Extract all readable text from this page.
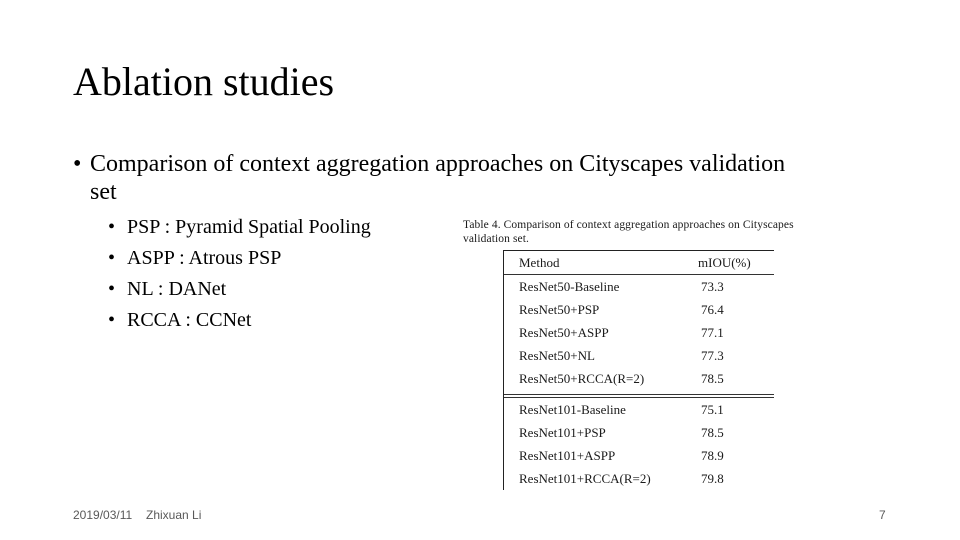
Ablation studies
• Comparison of context aggregation approaches on Cityscapes validation set
• PSP : Pyramid Spatial Pooling
• ASPP : Atrous PSP
• NL : DANet
• RCCA : CCNet
Table 4. Comparison of context aggregation approaches on Cityscapes validation set.
Method	mIOU(%)
ResNet50-Baseline	73.3
ResNet50+PSP	76.4
ResNet50+ASPP	77.1
ResNet50+NL	77.3
ResNet50+RCCA(R=2)	78.5
ResNet101-Baseline	75.1
ResNet101+PSP	78.5
ResNet101+ASPP	78.9
ResNet101+RCCA(R=2)	79.8
2019/03/11 Zhixuan Li	7
